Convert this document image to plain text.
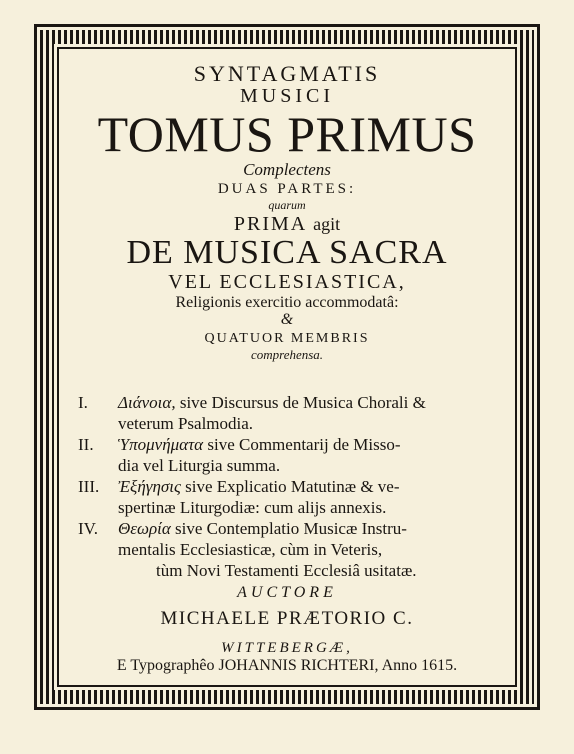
SYNTAGMATIS
MUSICI
TOMUS PRIMUS
Complectens
DUAS PARTES:
quarum
PRIMA agit
DE MUSICA SACRA
VEL ECCLESIASTICA,
Religionis exercitio accommodatâ:
&
QUATUOR MEMBRIS
comprehensa.
I.	Διάνοια, sive Discursus de Musica Chorali &
veterum Psalmodia.
II.	Ὑπομνήματα sive Commentarij de Missо-
dia vel Liturgia summa.
III.	Ἐξήγησις sive Explicatio Matutinæ & ve-
spertinæ Liturgodiæ: cum alijs annexis.
IV.	Θεωρία sive Contemplatio Musicæ Instru-
mentalis Ecclesiasticæ, cùm in Veteris,
tùm Novi Testamenti Ecclesiâ usitatæ.
AUCTORE
MICHAELE PRÆTORIO C.
WITTEBERGÆ,
E Typographêo JOHANNIS RICHTERI, Anno 1615.
